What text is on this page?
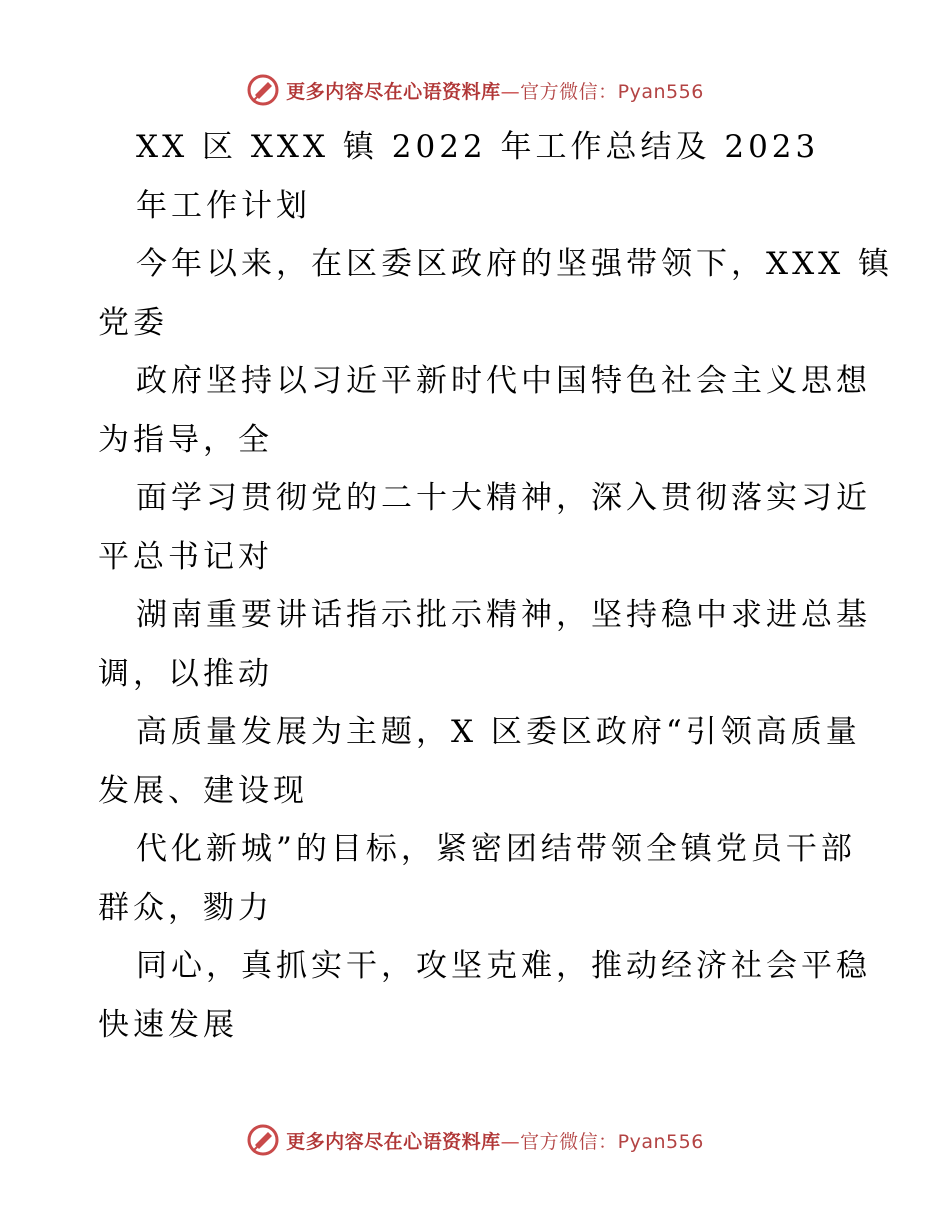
更多内容尽在心语资料库—官方微信：Pyan556
XX 区 XXX 镇 2022 年工作总结及 2023
年工作计划
今年以来，在区委区政府的坚强带领下，XXX 镇
党委
政府坚持以习近平新时代中国特色社会主义思想
为指导，全
面学习贯彻党的二十大精神，深入贯彻落实习近
平总书记对
湖南重要讲话指示批示精神，坚持稳中求进总基
调，以推动
高质量发展为主题，X 区委区政府“引领高质量
发展、建设现
代化新城”的目标，紧密团结带领全镇党员干部
群众，勠力
同心，真抓实干，攻坚克难，推动经济社会平稳
快速发展
更多内容尽在心语资料库—官方微信：Pyan556
